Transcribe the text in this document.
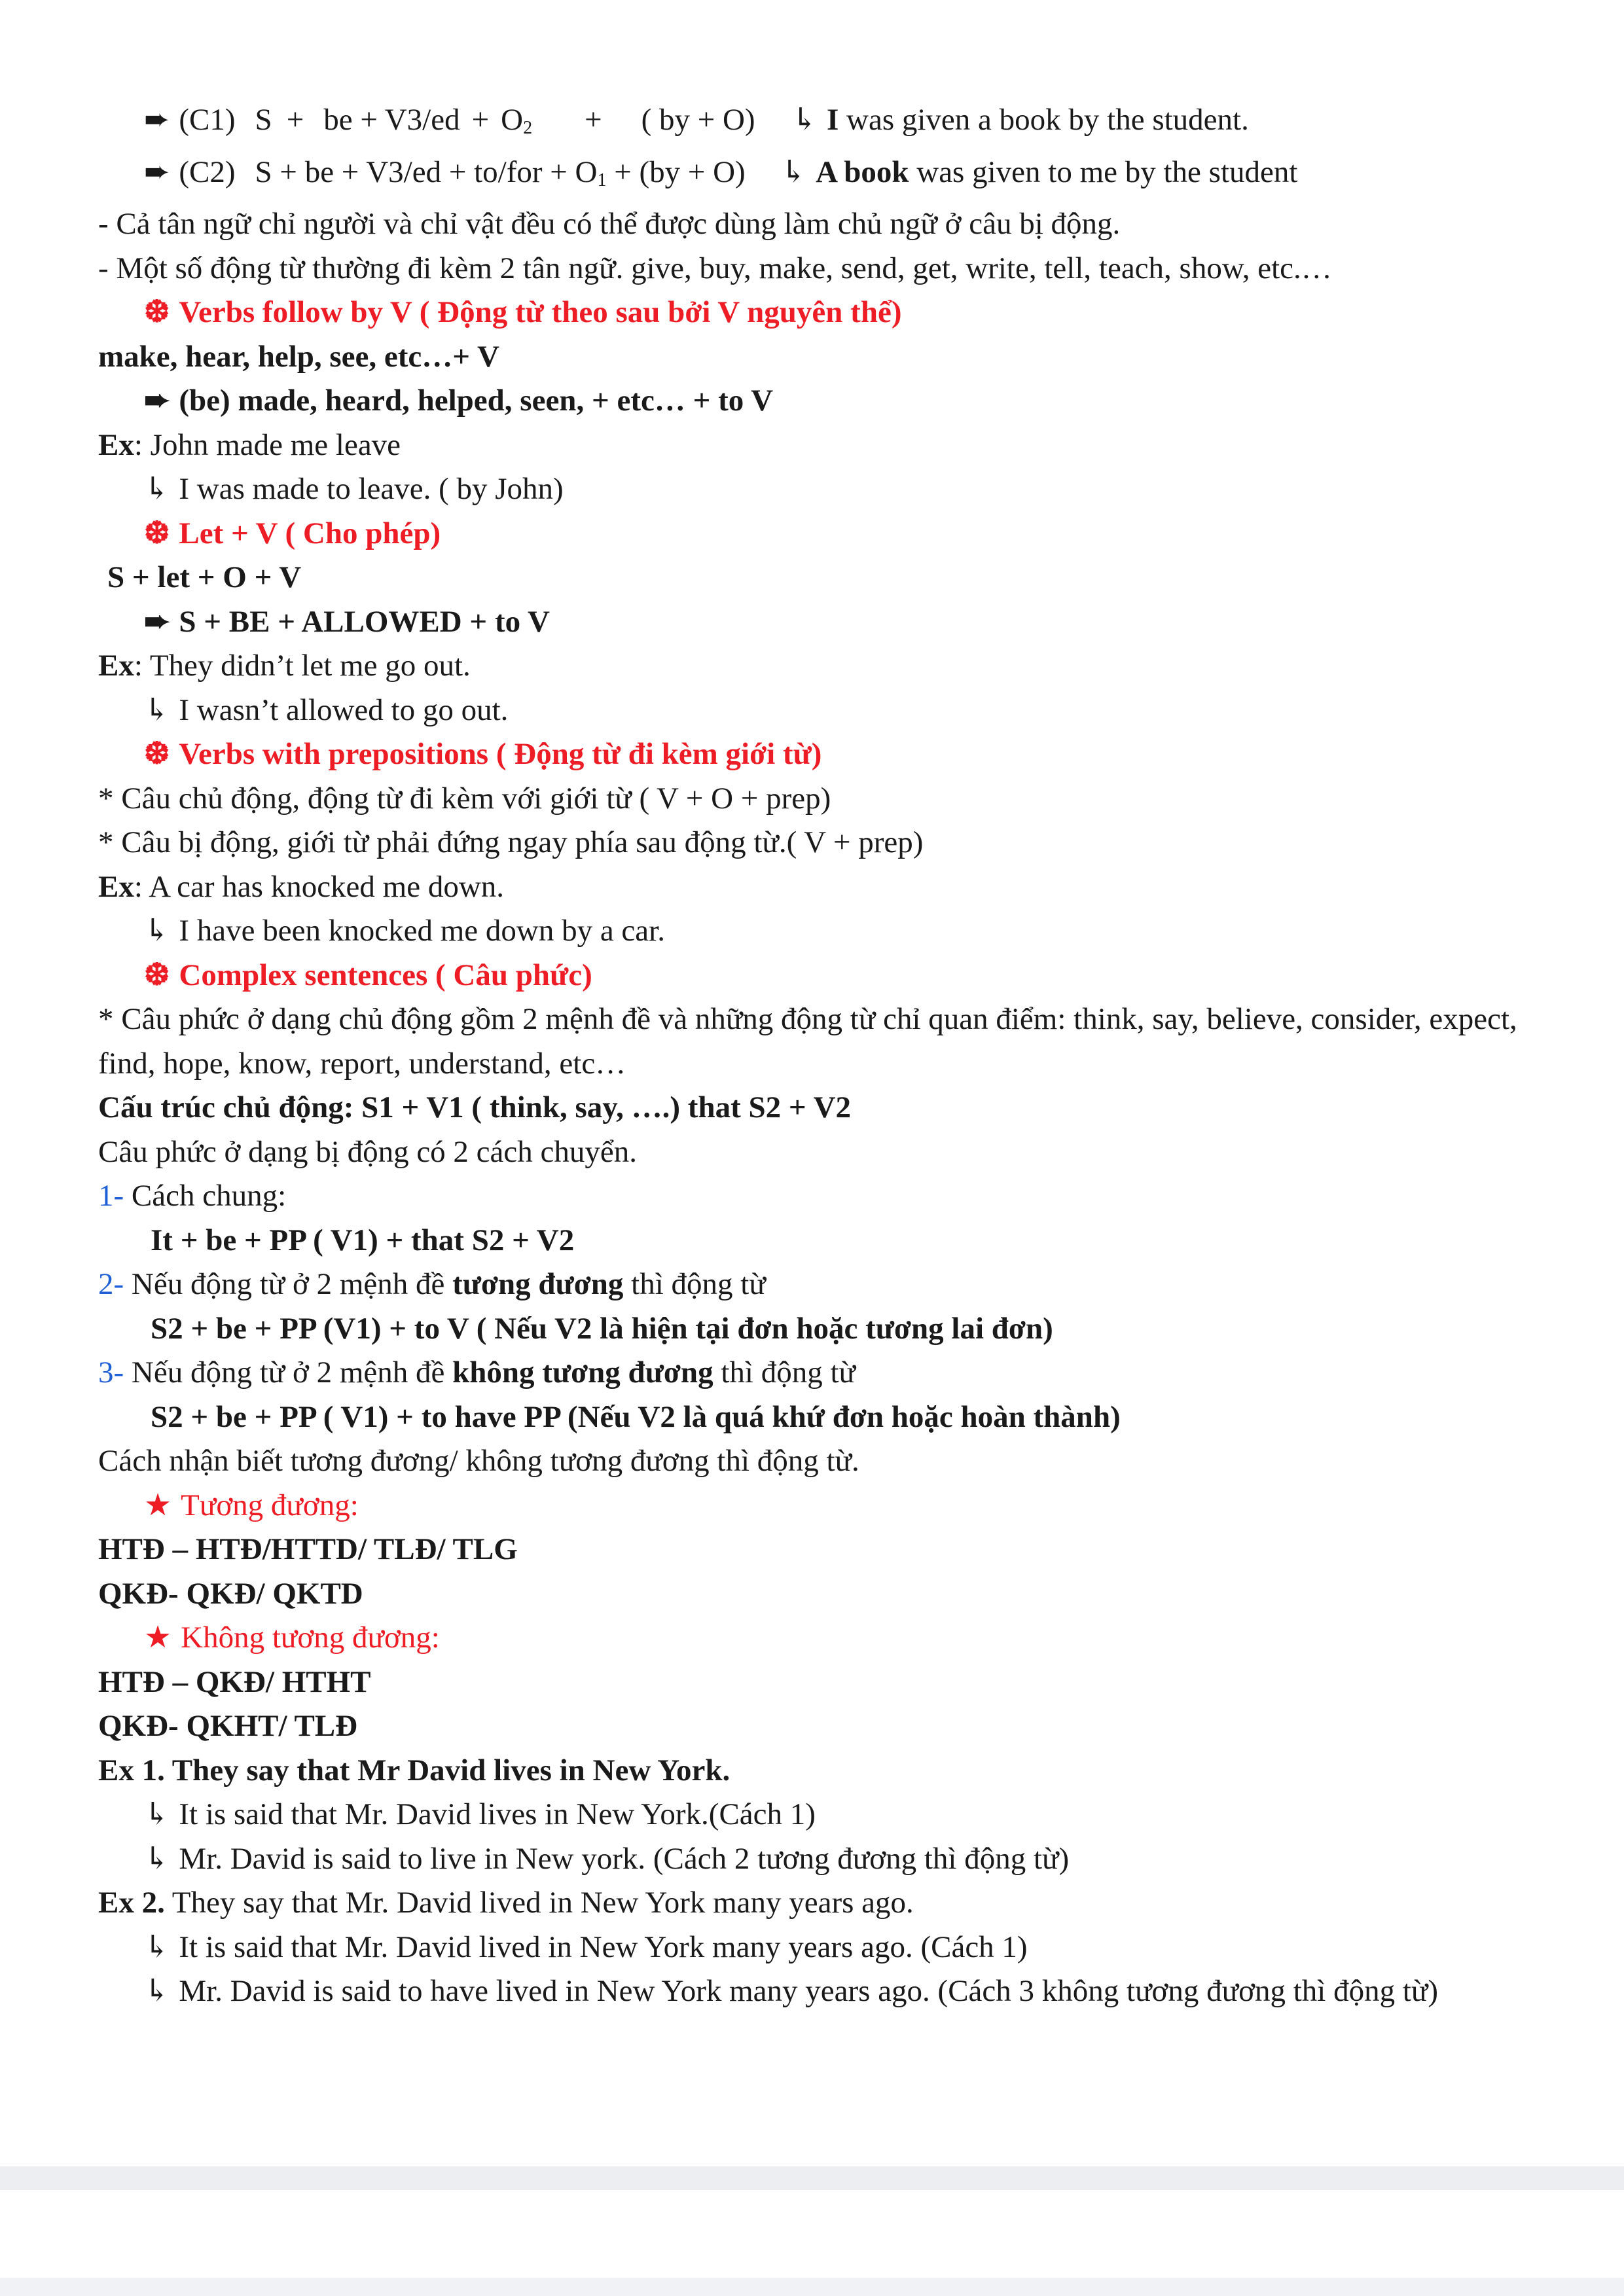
➨ (C1) S + be + $V3/ed + O_2$ + ( by + O) ↳ I was given a book by the student.
➨ (C2) S + be + $V3/ed + to/for + O_1 + (by + O)$ ↳ A book was given to me by the student
- Cả tân ngữ chỉ người và chỉ vật đều có thể được dùng làm chủ ngữ ở câu bị động.
- Một số động từ thường đi kèm 2 tân ngữ. give, buy, make, send, get, write, tell, teach, show, etc.…
❆ Verbs follow by V ( Động từ theo sau bởi V nguyên thể)
make, hear, help, see, etc…+ V
➨ (be) made, heard, helped, seen, + etc… + to V
Ex: John made me leave
↳ I was made to leave. ( by John)
❆ Let + V ( Cho phép)
S + let + O + V
➨ S + BE + ALLOWED + to V
Ex: They didn’t let me go out.
↳ I wasn’t allowed to go out.
❆ Verbs with prepositions ( Động từ đi kèm giới từ)
* Câu chủ động, động từ đi kèm với giới từ ( V + O + prep)
* Câu bị động, giới từ phải đứng ngay phía sau động từ.( V + prep)
Ex: A car has knocked me down.
↳ I have been knocked me down by a car.
❆ Complex sentences ( Câu phức)
* Câu phức ở dạng chủ động gồm 2 mệnh đề và những động từ chỉ quan điểm: think, say, believe, consider, expect, find, hope, know, report, understand, etc…
Cấu trúc chủ động: S1 + V1 ( think, say, ….) that S2 + V2
Câu phức ở dạng bị động có 2 cách chuyển.
1- Cách chung:
It + be + PP ( V1) + that S2 + V2
2- Nếu động từ ở 2 mệnh đề tương đương thì động từ
S2 + be + PP (V1) + to V ( Nếu V2 là hiện tại đơn hoặc tương lai đơn)
3- Nếu động từ ở 2 mệnh đề không tương đương thì động từ
S2 + be + PP ( V1) + to have PP (Nếu V2 là quá khứ đơn hoặc hoàn thành)
Cách nhận biết tương đương/ không tương đương thì động từ.
★ Tương đương:
HTĐ – HTĐ/HTTD/ TLĐ/ TLG
QKĐ- QKĐ/ QKTD
★ Không tương đương:
HTĐ – QKĐ/ HTHT
QKĐ- QKHT/ TLĐ
Ex 1. They say that Mr David lives in New York.
↳ It is said that Mr. David lives in New York.(Cách 1)
↳ Mr. David is said to live in New york. (Cách 2 tương đương thì động từ)
Ex 2. They say that Mr. David lived in New York many years ago.
↳ It is said that Mr. David lived in New York many years ago. (Cách 1)
↳ Mr. David is said to have lived in New York many years ago. (Cách 3 không tương đương thì động từ)
